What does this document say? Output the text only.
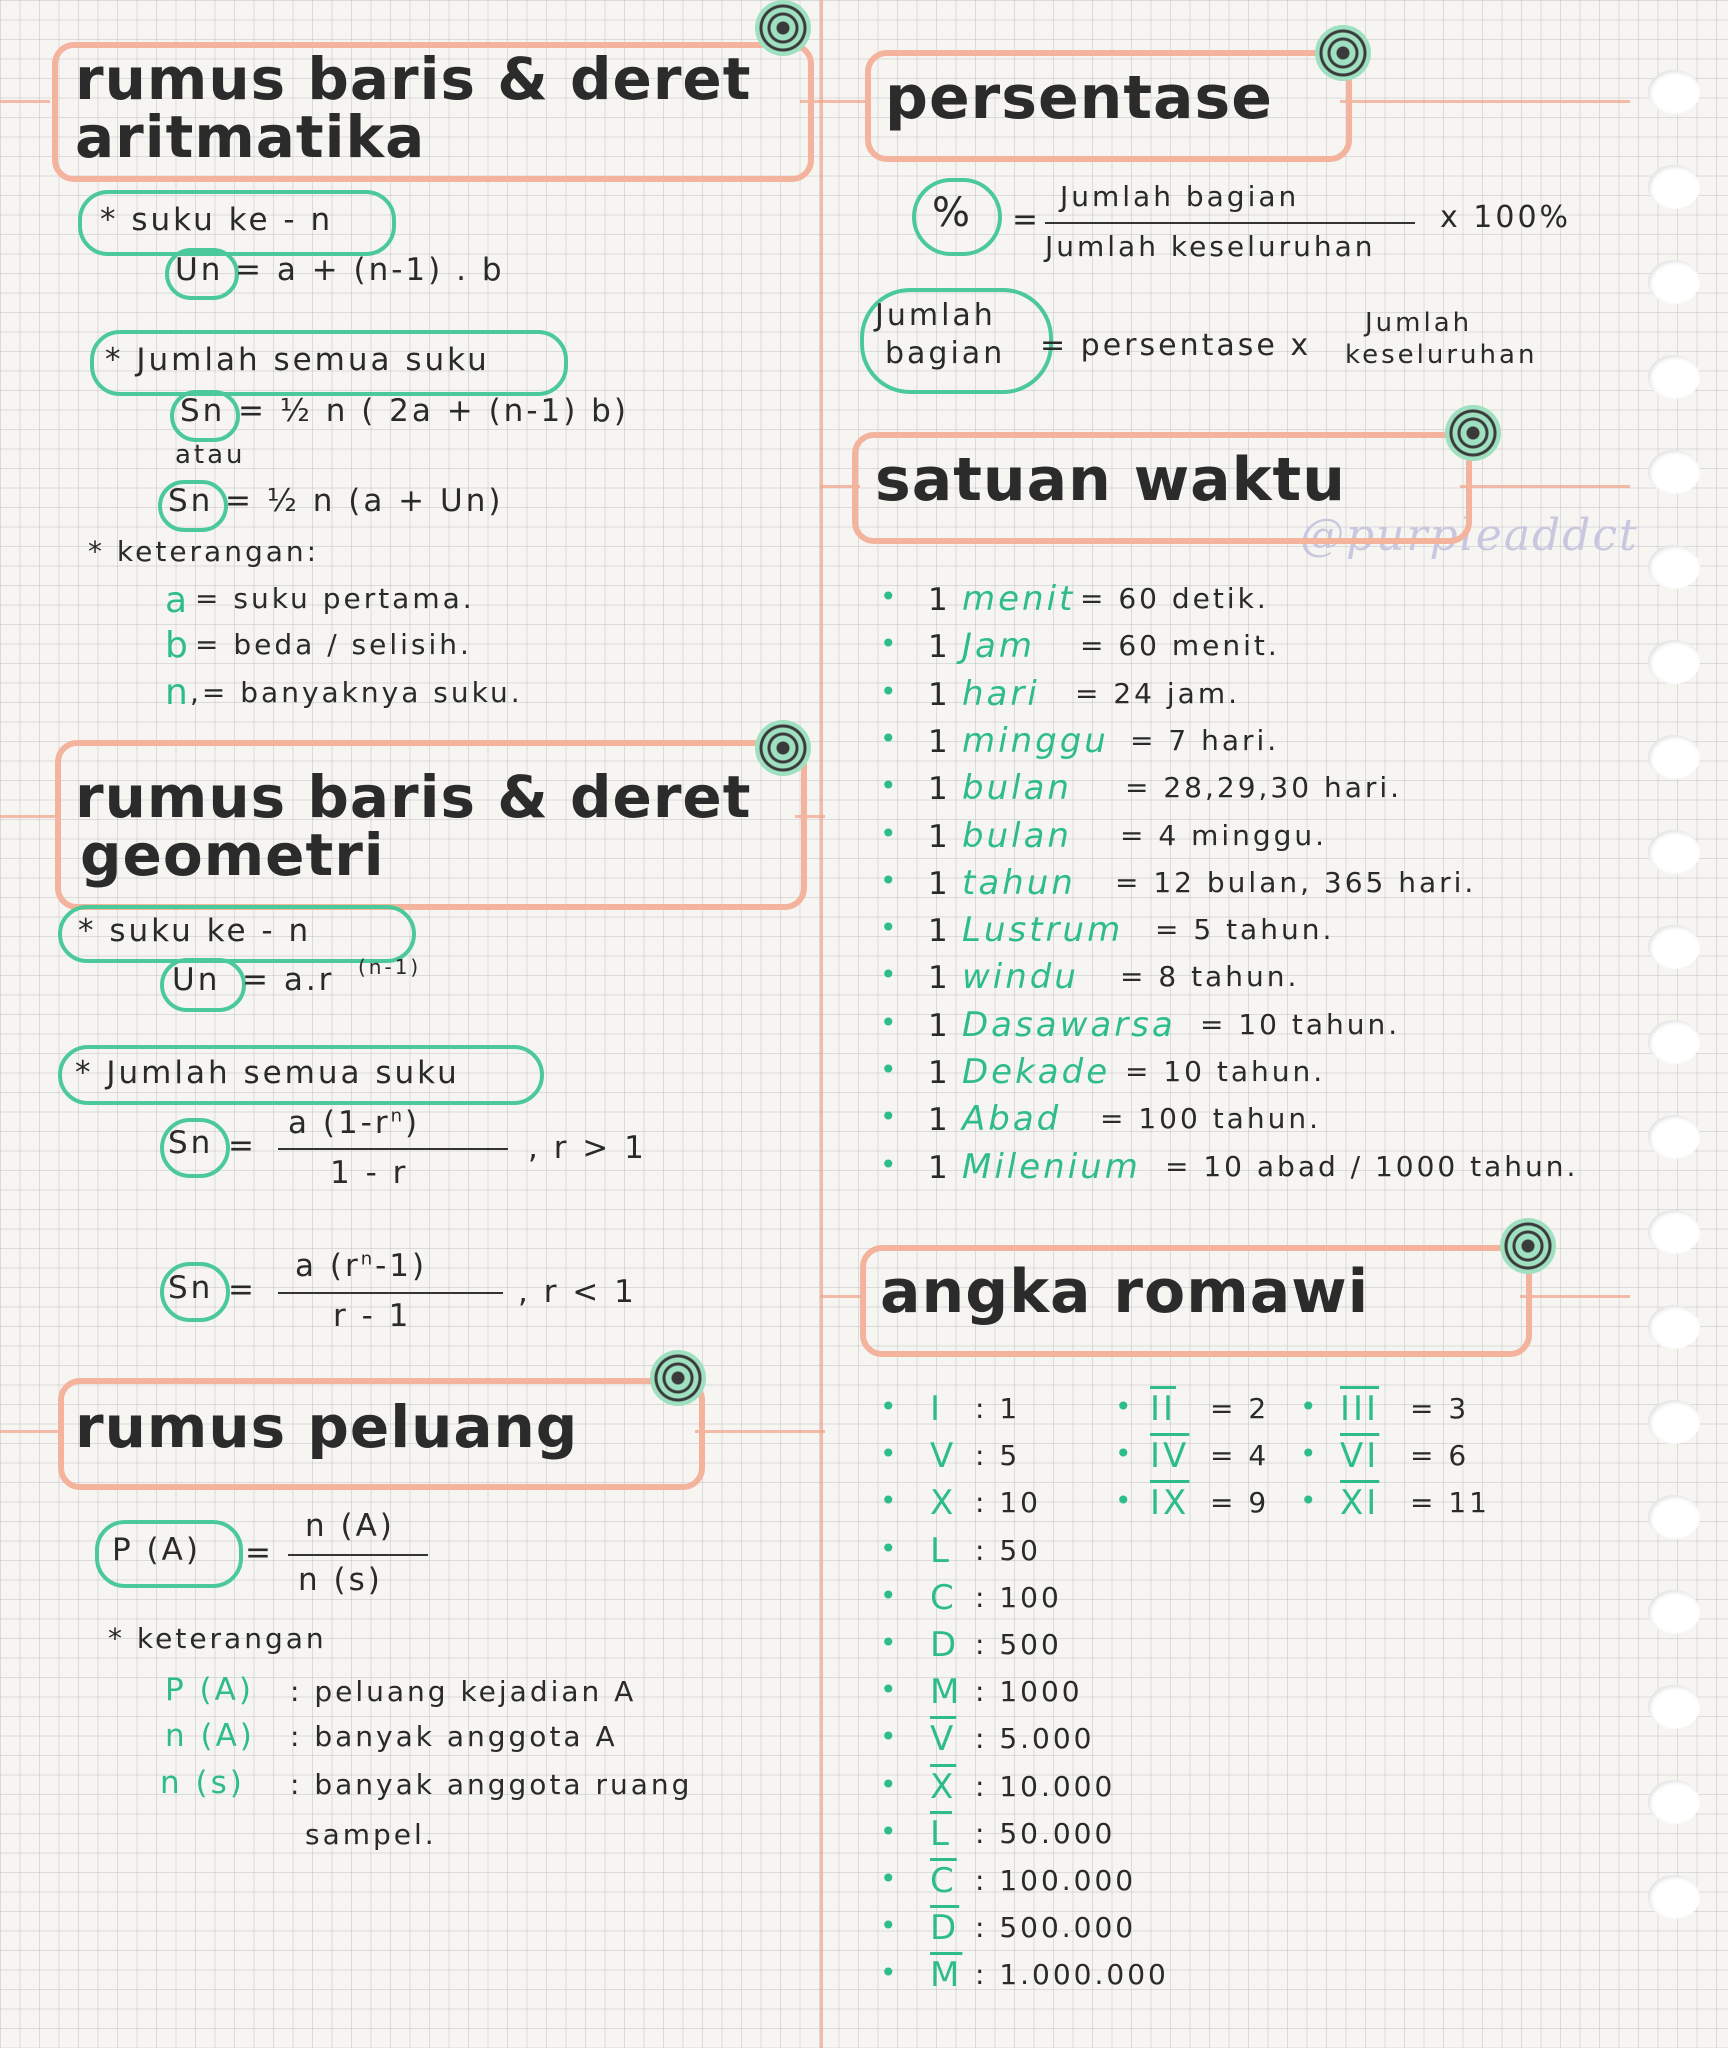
@purpleaddct
rumus baris & deret
aritmatika
* suku ke - n
Un = a + (n-1) . b
* Jumlah semua suku
Sn = ½ n ( 2a + (n-1) b)
atau
Sn = ½ n (a + Un)
* keterangan:
a = suku pertama.
b = beda / selisih.
n ,= banyaknya suku.
rumus baris & deret
geometri
* suku ke - n
Un = a.r (n-1)
* Jumlah semua suku
Sn =
a $(1-r^n)$
1 - r
, r > 1
Sn =
a $(r^n-1)$
r - 1
, r < 1
rumus peluang
P (A) =
n (A)
n (s)
* keterangan
P (A) : peluang kejadian A
n (A) : banyak anggota A
n (s) : banyak anggota ruang
sampel.
persentase
% =
Jumlah bagian
Jumlah keseluruhan
x 100%
Jumlah
bagian = persentase x
Jumlah
keseluruhan
satuan waktu
• 1 menit = 60 detik.
• 1 Jam = 60 menit.
• 1 hari = 24 jam.
• 1 minggu = 7 hari.
• 1 bulan = 28,29,30 hari.
• 1 bulan = 4 minggu.
• 1 tahun = 12 bulan, 365 hari.
• 1 Lustrum = 5 tahun.
• 1 windu = 8 tahun.
• 1 Dasawarsa = 10 tahun.
• 1 Dekade = 10 tahun.
• 1 Abad = 100 tahun.
• 1 Milenium = 10 abad / 1000 tahun.
angka romawi
• I : 1
• V : 5
• X : 10
• L : 50
• C : 100
• D : 500
• M : 1000
• $\overline{V}$ : 5.000
• $\overline{X}$ : 10.000
• $\overline{L}$ : 50.000
• $\overline{C}$ : 100.000
• $\overline{D}$ : 500.000
• $\overline{M}$ : 1.000.000
• $\overline{II} = 2$
• $\overline{IV} = 4$
• $\overline{IX} = 9$
• $\overline{III} = 3$
• $\overline{VI} = 6$
• $\overline{XI} = 11$
